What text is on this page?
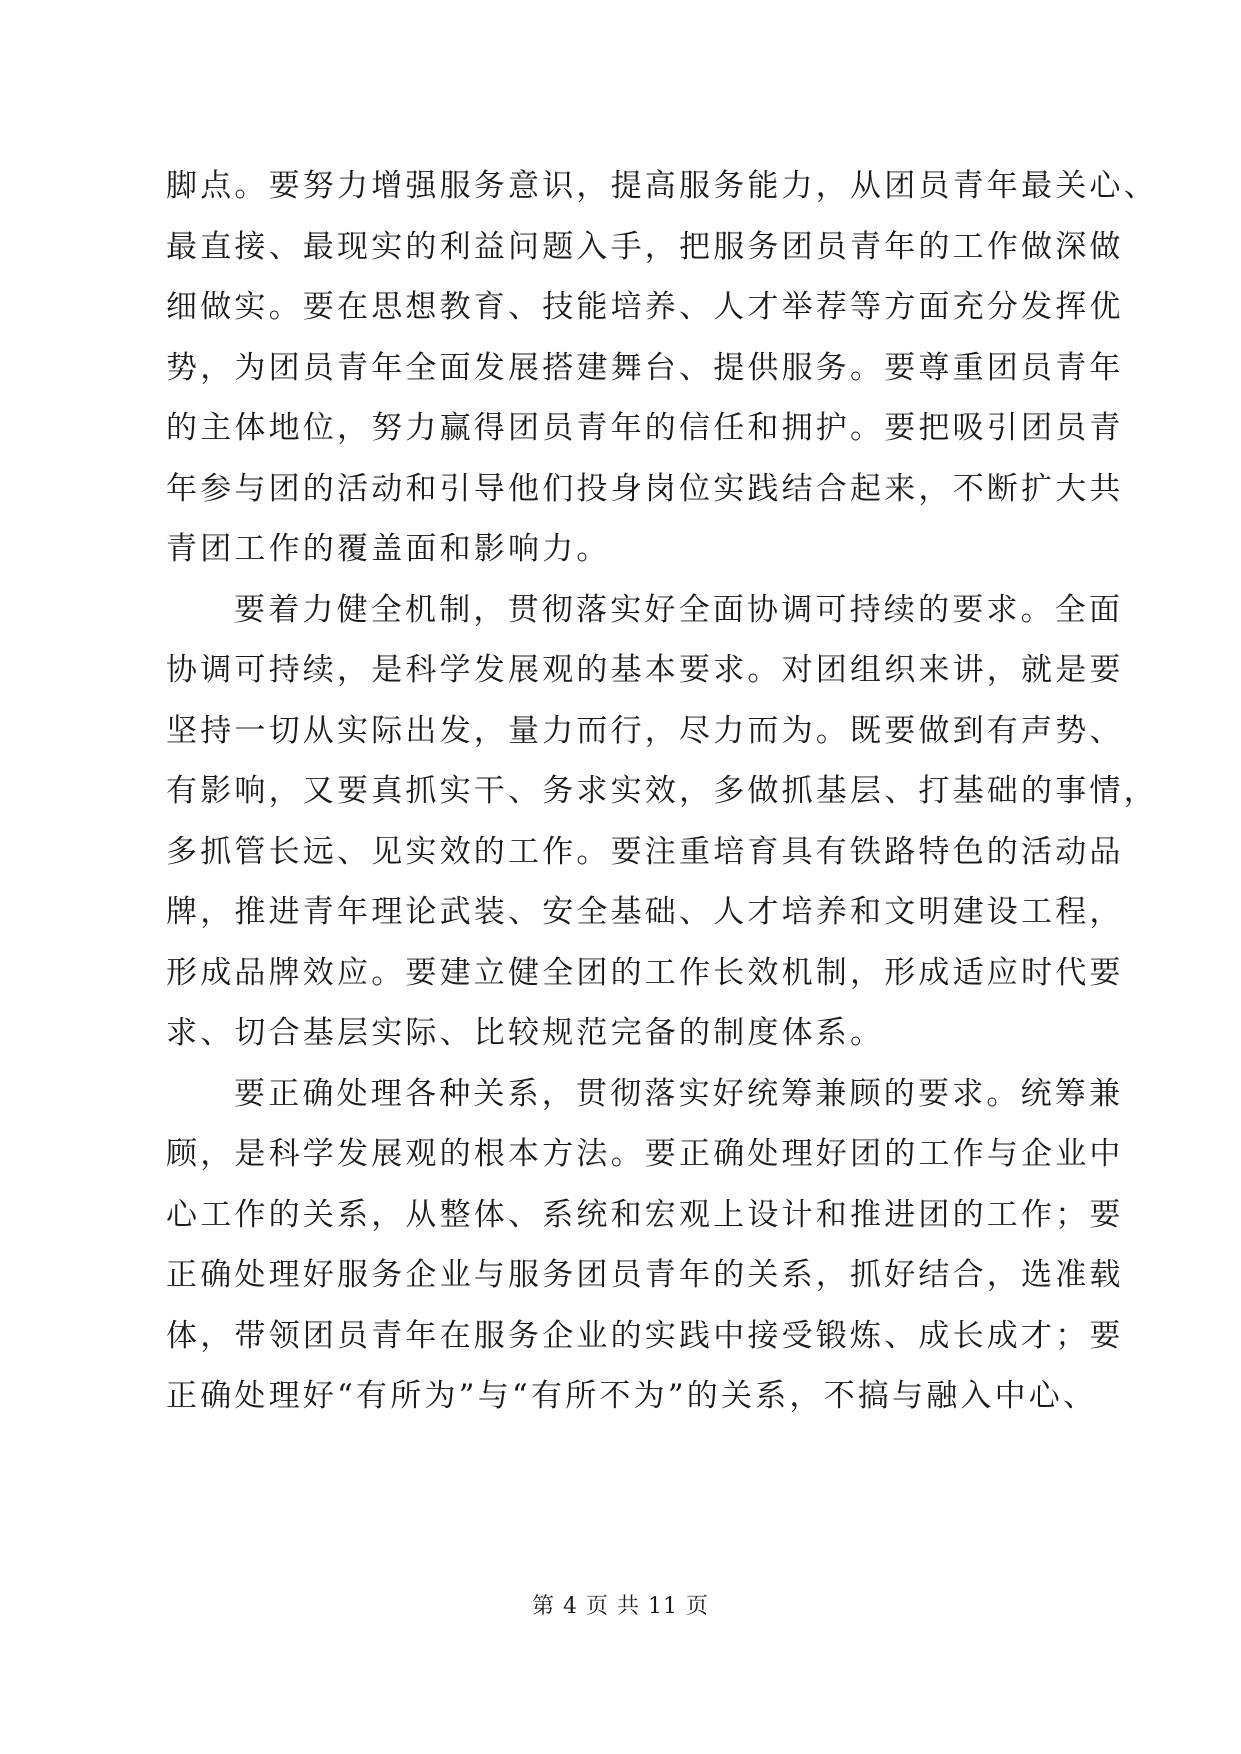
脚点。要努力增强服务意识，提高服务能力，从团员青年最关心、
最直接、最现实的利益问题入手，把服务团员青年的工作做深做
细做实。要在思想教育、技能培养、人才举荐等方面充分发挥优
势，为团员青年全面发展搭建舞台、提供服务。要尊重团员青年
的主体地位，努力赢得团员青年的信任和拥护。要把吸引团员青
年参与团的活动和引导他们投身岗位实践结合起来，不断扩大共
青团工作的覆盖面和影响力。
要着力健全机制，贯彻落实好全面协调可持续的要求。全面
协调可持续，是科学发展观的基本要求。对团组织来讲，就是要
坚持一切从实际出发，量力而行，尽力而为。既要做到有声势、
有影响，又要真抓实干、务求实效，多做抓基层、打基础的事情，
多抓管长远、见实效的工作。要注重培育具有铁路特色的活动品
牌，推进青年理论武装、安全基础、人才培养和文明建设工程，
形成品牌效应。要建立健全团的工作长效机制，形成适应时代要
求、切合基层实际、比较规范完备的制度体系。
要正确处理各种关系，贯彻落实好统筹兼顾的要求。统筹兼
顾，是科学发展观的根本方法。要正确处理好团的工作与企业中
心工作的关系，从整体、系统和宏观上设计和推进团的工作；要
正确处理好服务企业与服务团员青年的关系，抓好结合，选准载
体，带领团员青年在服务企业的实践中接受锻炼、成长成才；要
正确处理好“有所为”与“有所不为”的关系，不搞与融入中心、
第 4 页 共 11 页
